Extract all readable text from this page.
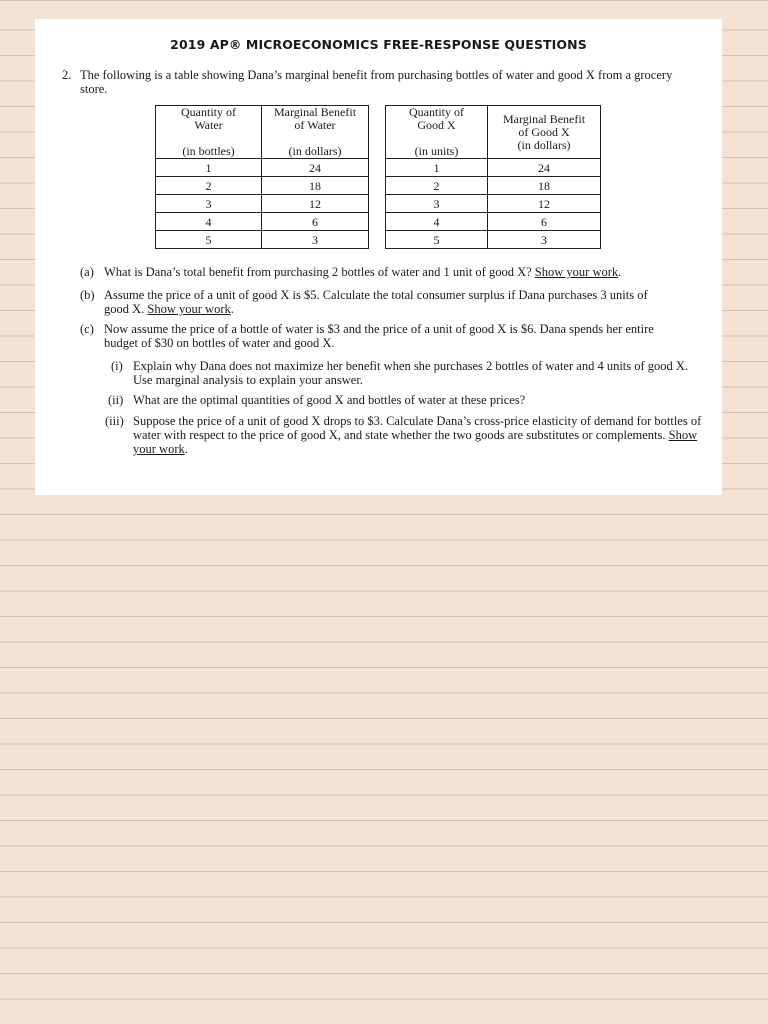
2019 AP® MICROECONOMICS FREE-RESPONSE QUESTIONS
2. The following is a table showing Dana’s marginal benefit from purchasing bottles of water and good X from a grocery store.
Quantity of
Water

(in bottles)	Marginal Benefit
of Water

(in dollars)
1	24
2	18
3	12
4	6
5	3
Quantity of
Good X

(in units)	Marginal Benefit
of Good X
(in dollars)
1	24
2	18
3	12
4	6
5	3
(a) What is Dana’s total benefit from purchasing 2 bottles of water and 1 unit of good X? Show your work.
(b) Assume the price of a unit of good X is $5. Calculate the total consumer surplus if Dana purchases 3 units of
good X. Show your work.
(c) Now assume the price of a bottle of water is $3 and the price of a unit of good X is $6. Dana spends her entire budget of $30 on bottles of water and good X.
(i) Explain why Dana does not maximize her benefit when she purchases 2 bottles of water and 4 units of good X. Use marginal analysis to explain your answer.
(ii) What are the optimal quantities of good X and bottles of water at these prices?
(iii) Suppose the price of a unit of good X drops to $3. Calculate Dana’s cross-price elasticity of demand for bottles of water with respect to the price of good X, and state whether the two goods are substitutes or complements. Show your work.
